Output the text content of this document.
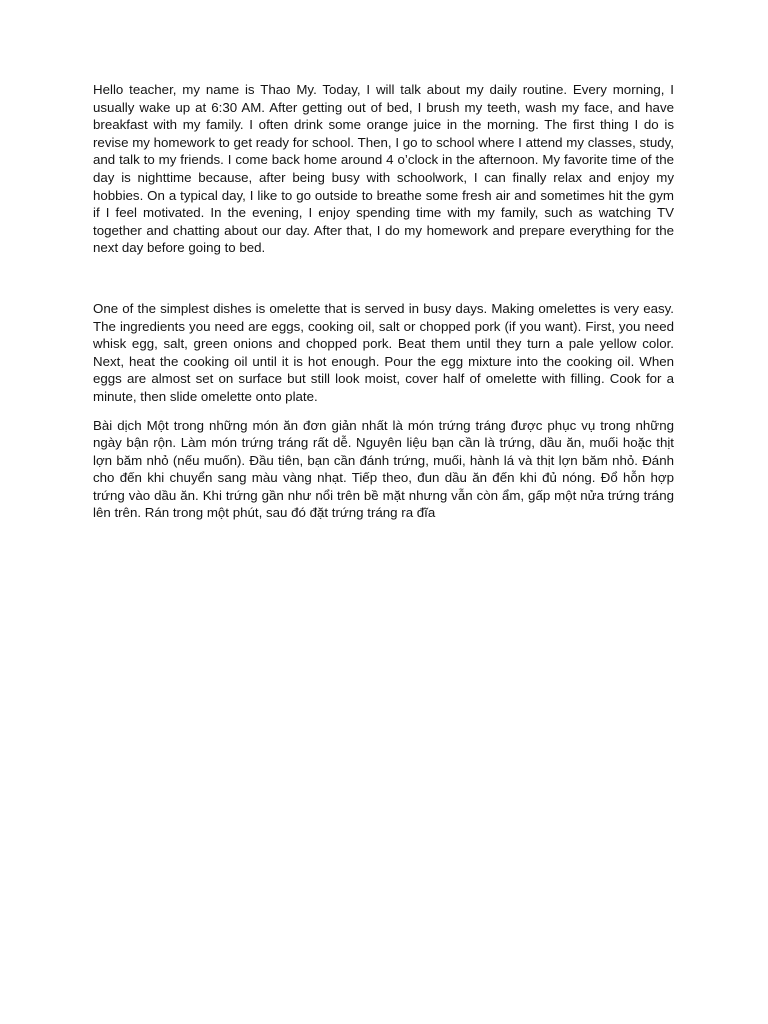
Hello teacher, my name is Thao My. Today, I will talk about my daily routine. Every morning, I usually wake up at 6:30 AM. After getting out of bed, I brush my teeth, wash my face, and have breakfast with my family. I often drink some orange juice in the morning. The first thing I do is revise my homework to get ready for school. Then, I go to school where I attend my classes, study, and talk to my friends. I come back home around 4 o’clock in the afternoon. My favorite time of the day is nighttime because, after being busy with schoolwork, I can finally relax and enjoy my hobbies. On a typical day, I like to go outside to breathe some fresh air and sometimes hit the gym if I feel motivated. In the evening, I enjoy spending time with my family, such as watching TV together and chatting about our day. After that, I do my homework and prepare everything for the next day before going to bed.

One of the simplest dishes is omelette that is served in busy days. Making omelettes is very easy. The ingredients you need are eggs, cooking oil, salt or chopped pork (if you want). First, you need whisk egg, salt, green onions and chopped pork. Beat them until they turn a pale yellow color. Next, heat the cooking oil until it is hot enough. Pour the egg mixture into the cooking oil. When eggs are almost set on surface but still look moist, cover half of omelette with filling. Cook for a minute, then slide omelette onto plate.

Bài dịch Một trong những món ăn đơn giản nhất là món trứng tráng được phục vụ trong những ngày bận rộn. Làm món trứng tráng rất dễ. Nguyên liệu bạn cần là trứng, dầu ăn, muối hoặc thịt lợn băm nhỏ (nếu muốn). Đầu tiên, bạn cần đánh trứng, muối, hành lá và thịt lợn băm nhỏ. Đánh cho đến khi chuyển sang màu vàng nhạt. Tiếp theo, đun dầu ăn đến khi đủ nóng. Đổ hỗn hợp trứng vào dầu ăn. Khi trứng gần như nổi trên bề mặt nhưng vẫn còn ẩm, gấp một nửa trứng tráng lên trên. Rán trong một phút, sau đó đặt trứng tráng ra đĩa
